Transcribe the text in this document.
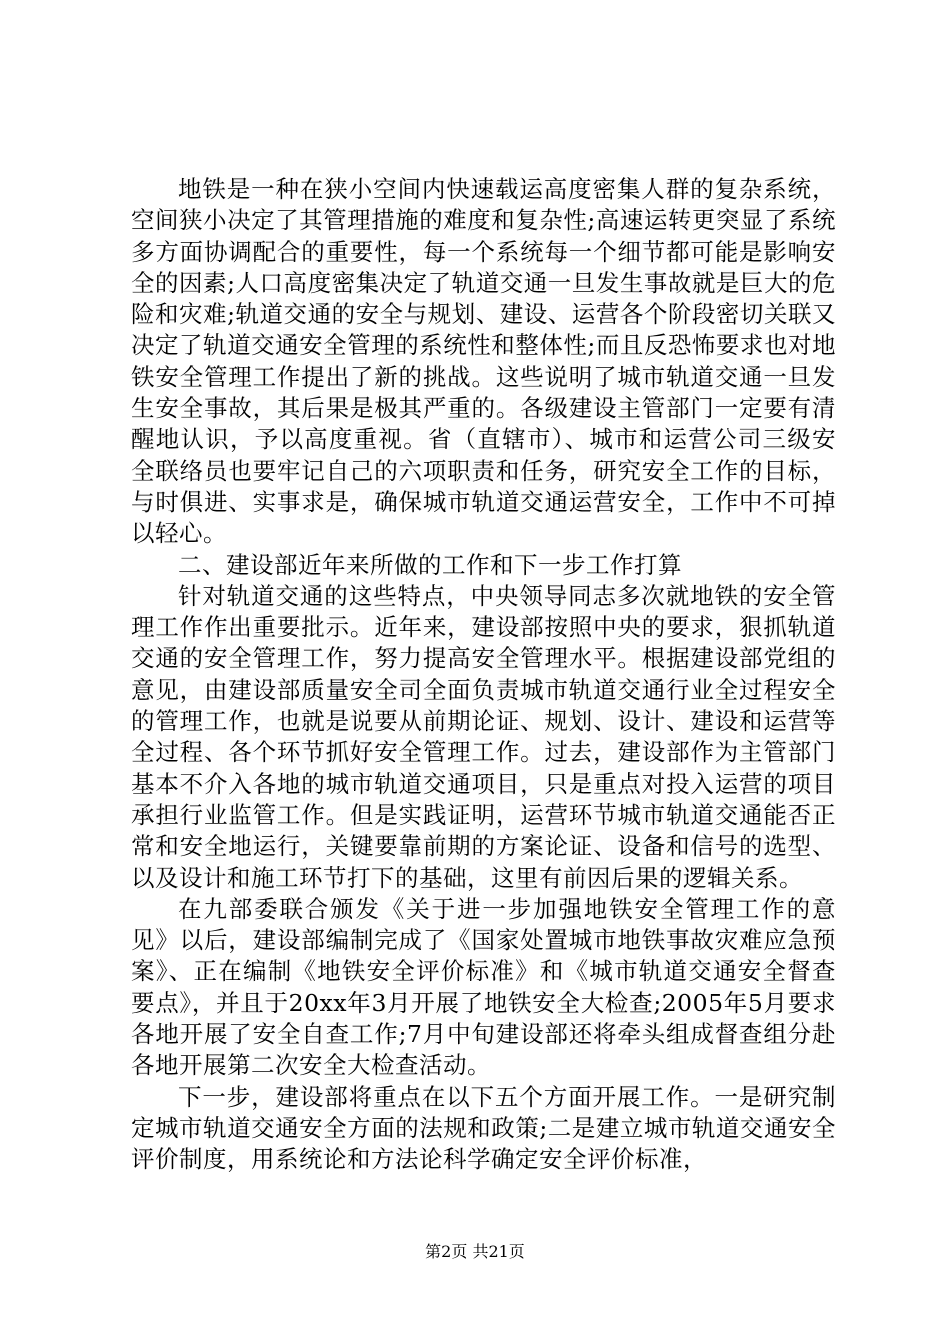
地铁是一种在狭小空间内快速载运高度密集人群的复杂系统，空间狭小决定了其管理措施的难度和复杂性;高速运转更突显了系统多方面协调配合的重要性，每一个系统每一个细节都可能是影响安全的因素;人口高度密集决定了轨道交通一旦发生事故就是巨大的危险和灾难;轨道交通的安全与规划、建设、运营各个阶段密切关联又决定了轨道交通安全管理的系统性和整体性;而且反恐怖要求也对地铁安全管理工作提出了新的挑战。这些说明了城市轨道交通一旦发生安全事故，其后果是极其严重的。各级建设主管部门一定要有清醒地认识，予以高度重视。省（直辖市）、城市和运营公司三级安全联络员也要牢记自己的六项职责和任务，研究安全工作的目标，与时俱进、实事求是，确保城市轨道交通运营安全，工作中不可掉以轻心。

二、建设部近年来所做的工作和下一步工作打算

针对轨道交通的这些特点，中央领导同志多次就地铁的安全管理工作作出重要批示。近年来，建设部按照中央的要求，狠抓轨道交通的安全管理工作，努力提高安全管理水平。根据建设部党组的意见，由建设部质量安全司全面负责城市轨道交通行业全过程安全的管理工作，也就是说要从前期论证、规划、设计、建设和运营等全过程、各个环节抓好安全管理工作。过去，建设部作为主管部门基本不介入各地的城市轨道交通项目，只是重点对投入运营的项目承担行业监管工作。但是实践证明，运营环节城市轨道交通能否正常和安全地运行，关键要靠前期的方案论证、设备和信号的选型、以及设计和施工环节打下的基础，这里有前因后果的逻辑关系。

在九部委联合颁发《关于进一步加强地铁安全管理工作的意见》以后，建设部编制完成了《国家处置城市地铁事故灾难应急预案》、正在编制《地铁安全评价标准》和《城市轨道交通安全督查要点》，并且于20xx年3月开展了地铁安全大检查;2005年5月要求各地开展了安全自查工作;7月中旬建设部还将牵头组成督查组分赴各地开展第二次安全大检查活动。

下一步，建设部将重点在以下五个方面开展工作。一是研究制定城市轨道交通安全方面的法规和政策;二是建立城市轨道交通安全评价制度，用系统论和方法论科学确定安全评价标准，

第2页 共21页
